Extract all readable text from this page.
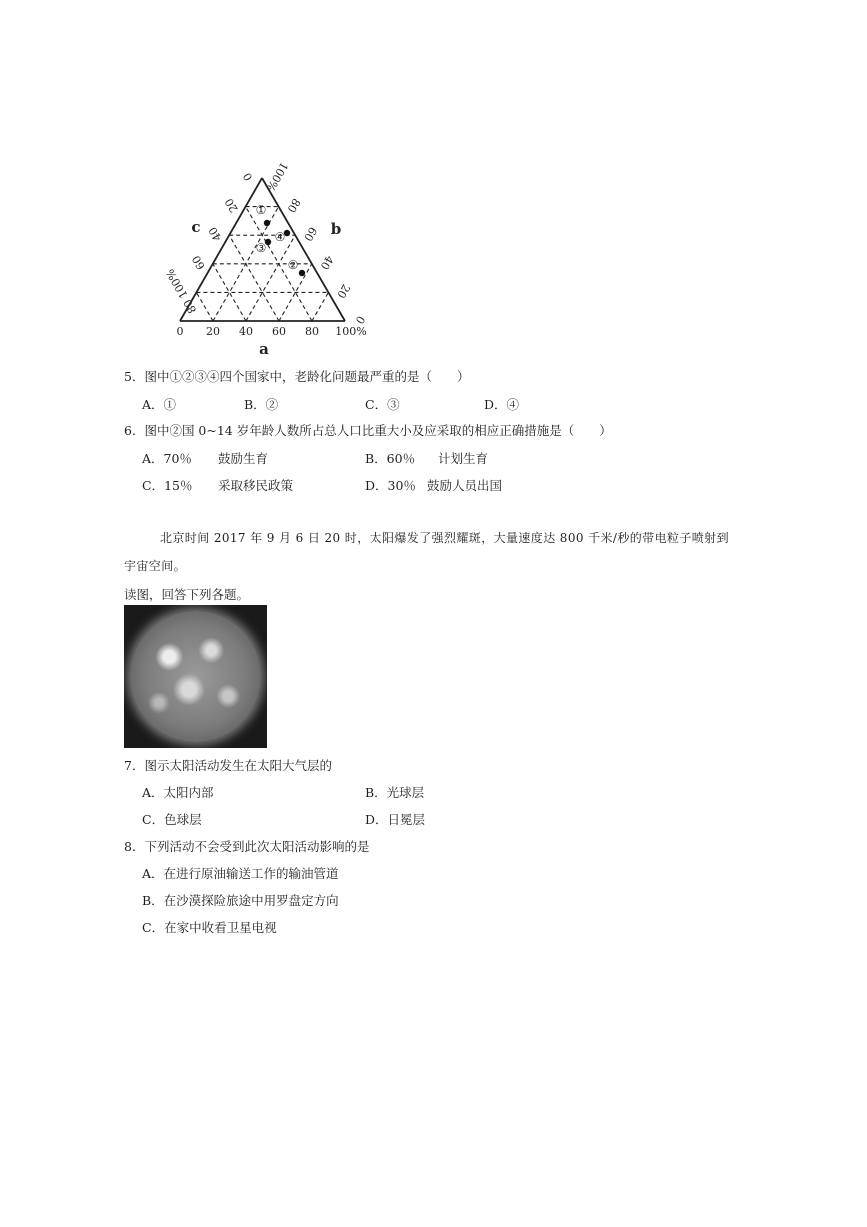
①
②
③
④
0 20 40 60 80 100%
100%
80
60
40
20
0
0
20
40
60
80 100%
a
b
c
5．图中①②③④四个国家中，老龄化问题最严重的是（　　）
A．①	B．②	C．③	D．④
6．图中②国 0~14 岁年龄人数所占总人口比重大小及应采取的相应正确措施是（　　）
A．70％ 鼓励生育	B．60％ 计划生育
C．15％ 采取移民政策	D．30％ 鼓励人员出国
北京时间 2017 年 9 月 6 日 20 时，太阳爆发了强烈耀斑，大量速度达 800 千米/秒的带电粒子喷射到
宇宙空间。
读图，回答下列各题。
7．图示太阳活动发生在太阳大气层的
A．太阳内部	B．光球层
C．色球层	D．日冕层
8．下列活动不会受到此次太阳活动影响的是
A．在进行原油输送工作的输油管道
B．在沙漠探险旅途中用罗盘定方向
C．在家中收看卫星电视
